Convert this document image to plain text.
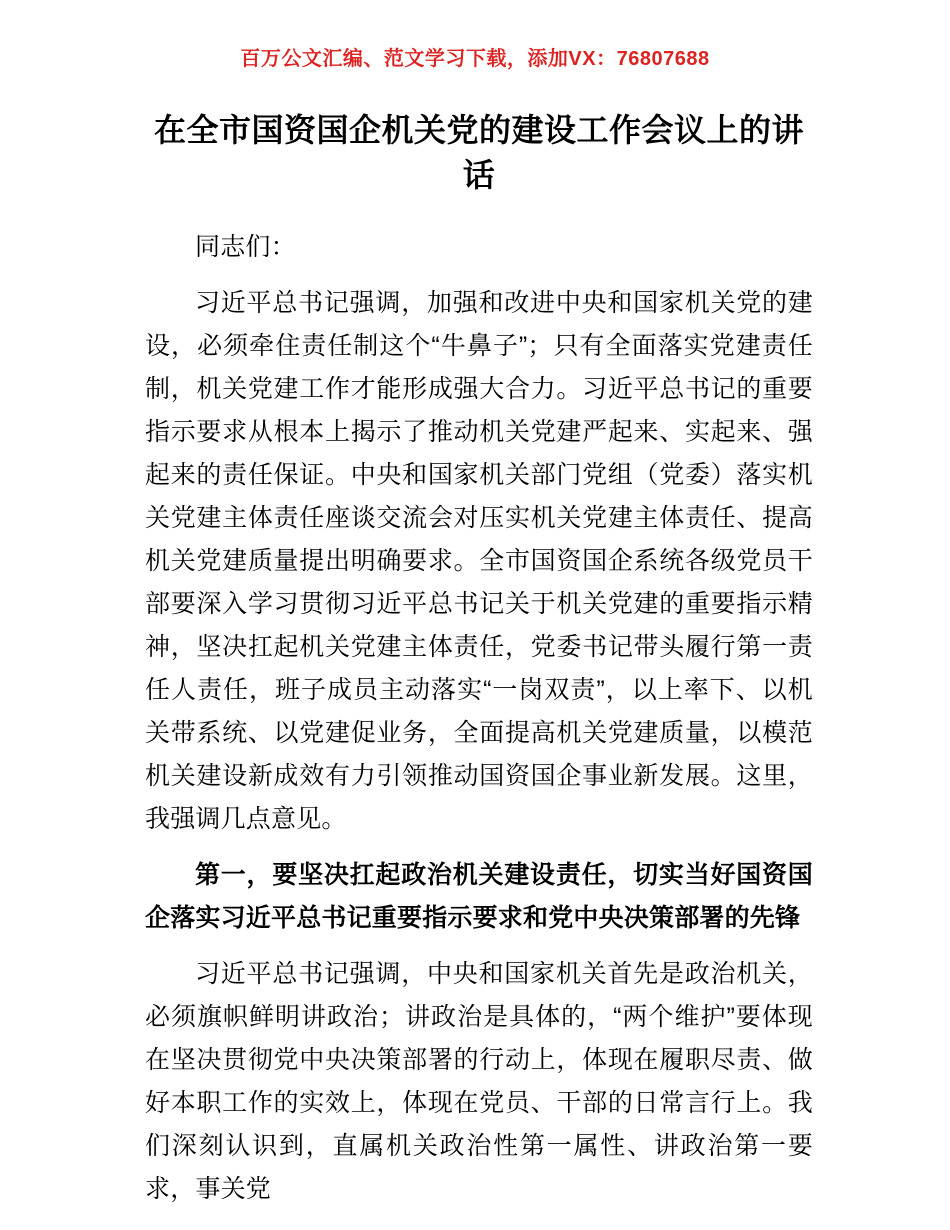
百万公文汇编、范文学习下载，添加VX：76807688
在全市国资国企机关党的建设工作会议上的讲话

同志们：

习近平总书记强调，加强和改进中央和国家机关党的建设，必须牵住责任制这个“牛鼻子”；只有全面落实党建责任制，机关党建工作才能形成强大合力。习近平总书记的重要指示要求从根本上揭示了推动机关党建严起来、实起来、强起来的责任保证。中央和国家机关部门党组（党委）落实机关党建主体责任座谈交流会对压实机关党建主体责任、提高机关党建质量提出明确要求。全市国资国企系统各级党员干部要深入学习贯彻习近平总书记关于机关党建的重要指示精神，坚决扛起机关党建主体责任，党委书记带头履行第一责任人责任，班子成员主动落实“一岗双责”，以上率下、以机关带系统、以党建促业务，全面提高机关党建质量，以模范机关建设新成效有力引领推动国资国企事业新发展。这里，我强调几点意见。

第一，要坚决扛起政治机关建设责任，切实当好国资国企落实习近平总书记重要指示要求和党中央决策部署的先锋

习近平总书记强调，中央和国家机关首先是政治机关，必须旗帜鲜明讲政治；讲政治是具体的，“两个维护”要体现在坚决贯彻党中央决策部署的行动上，体现在履职尽责、做好本职工作的实效上，体现在党员、干部的日常言行上。我们深刻认识到，直属机关政治性第一属性、讲政治第一要求，事关党
